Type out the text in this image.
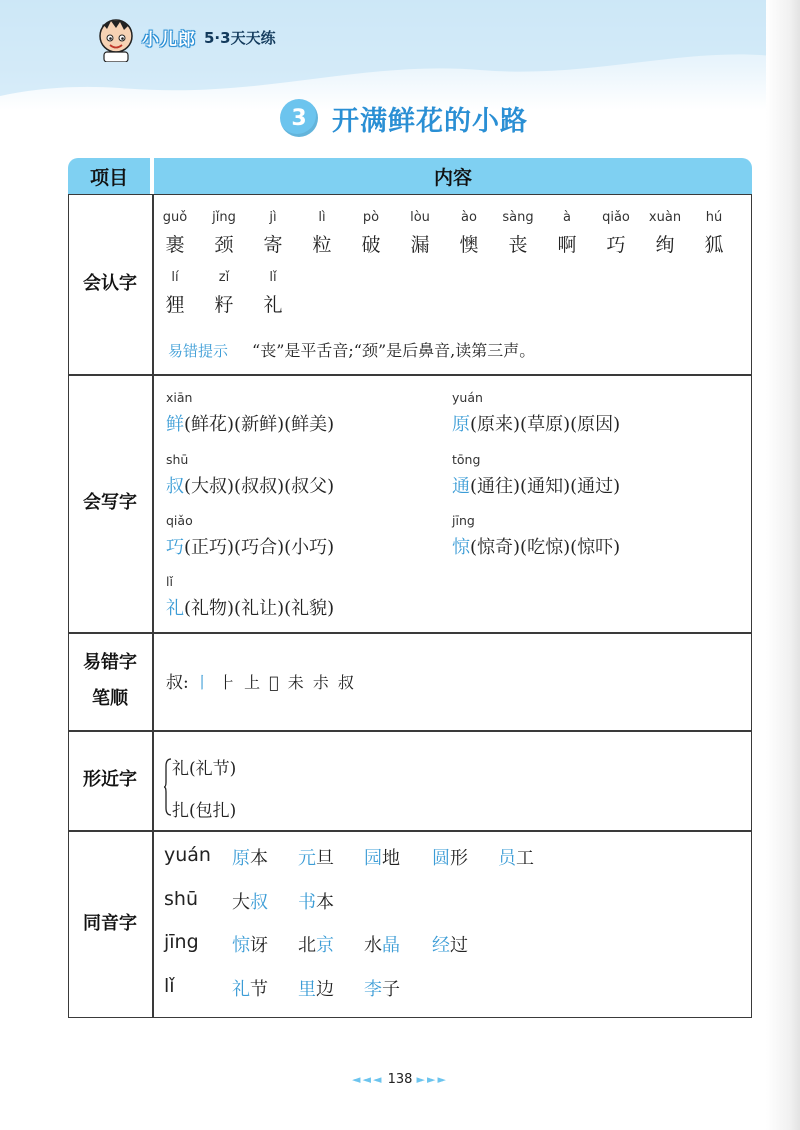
小儿郎 5·3天天练
3 开满鲜花的小路
项目	内容
会认字
会写字
易错字
笔顺
形近字
同音字
guǒ
裹
jǐng
颈
jì
寄
lì
粒
pò
破
lòu
漏
ào
懊
sàng
丧
à
啊
qiǎo
巧
xuàn
绚
hú
狐
lí
狸
zǐ
籽
lǐ
礼
易错提示 “丧”是平舌音;“颈”是后鼻音,读第三声。
xiān
鲜(鲜花)(新鲜)(鲜美)
yuán
原(原来)(草原)(原因)
shū
叔(大叔)(叔叔)(叔父)
tōng
通(通往)(通知)(通过)
qiǎo
巧(正巧)(巧合)(小巧)
jīng
惊(惊奇)(吃惊)(惊吓)
lǐ
礼(礼物)(礼让)(礼貌)
叔: 丨 ⺊ 上 𠀆 未 尗 叔
礼(礼节)
扎(包扎)
yuán 原本 元旦 园地 圆形 员工
shū 大叔 书本
jīng 惊讶 北京 水晶 经过
lǐ	礼节 里边 李子
◄◄◄ 138 ►►►
